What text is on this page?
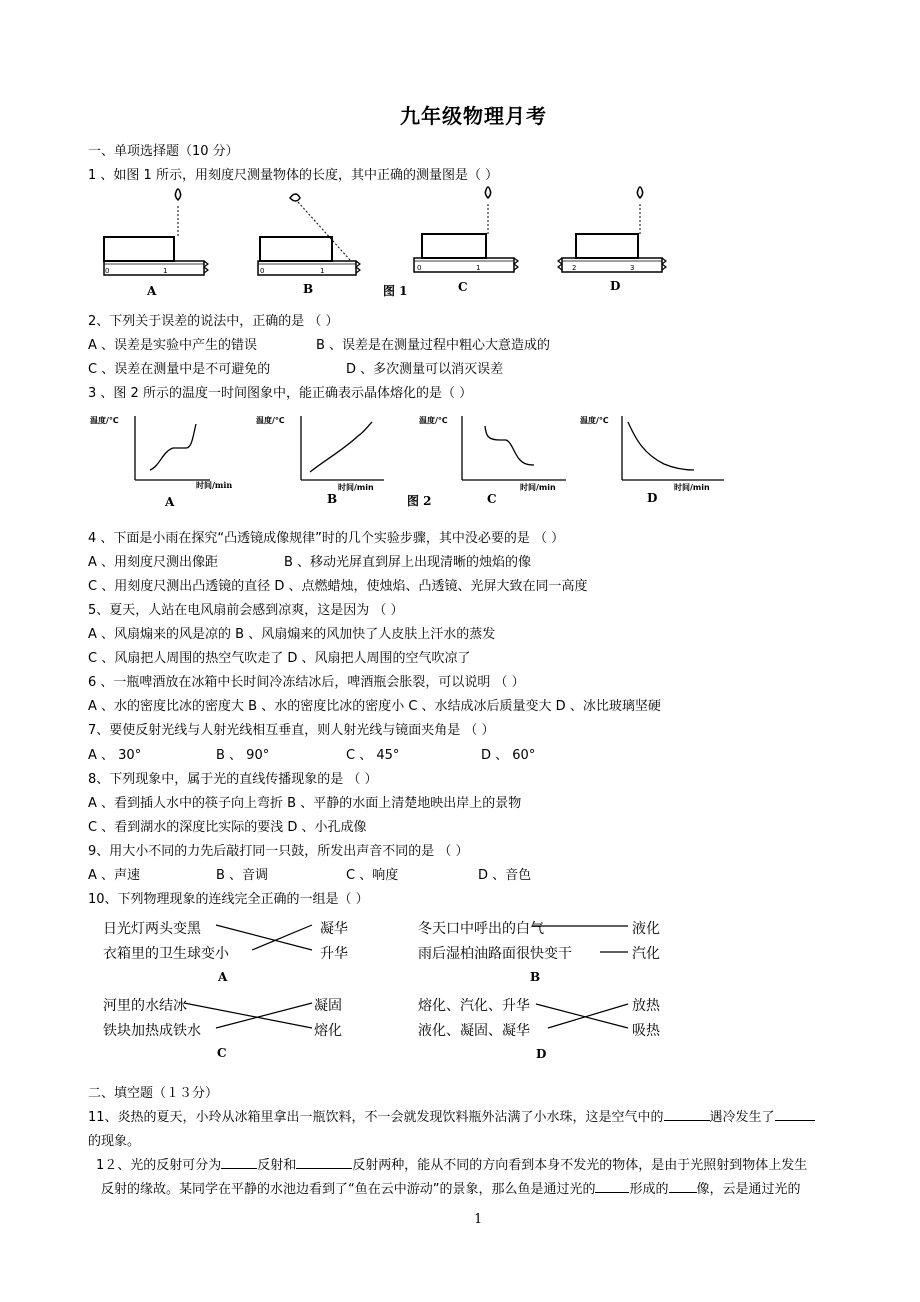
九年级物理月考
一、单项选择题（10 分）
1 、如图 1 所示，用刻度尺测量物体的长度，其中正确的测量图是（ ）
0	1	0	1	0	1	2	3
A	B	图 1	C	D
2、下列关于误差的说法中，正确的是 （ ）
A 、误差是实验中产生的错误	B 、误差是在测量过程中粗心大意造成的
C 、误差在测量中是不可避免的	D 、多次测量可以消灭误差
3 、图 2 所示的温度一时间图象中，能正确表示晶体熔化的是（ ）
温度/℃	温度/℃
时间/min
温度/℃
时间/min
温度/℃
时间/min
时间/min
A	B	图 2	C	D
4 、下面是小雨在探究“凸透镜成像规律”时的几个实验步骤，其中没必要的是 （ ）
A 、用刻度尺测出像距	B 、移动光屏直到屏上出现清晰的烛焰的像
C 、用刻度尺测出凸透镜的直径 D 、点燃蜡烛，使烛焰、凸透镜、光屏大致在同一高度
5、夏天，人站在电风扇前会感到凉爽，这是因为 （ ）
A 、风扇煽来的风是凉的 B 、风扇煽来的风加快了人皮肤上汗水的蒸发
C 、风扇把人周围的热空气吹走了 D 、风扇把人周围的空气吹凉了
6 、一瓶啤酒放在冰箱中长时间冷冻结冰后，啤酒瓶会胀裂，可以说明 （ ）
A 、水的密度比冰的密度大 B 、水的密度比冰的密度小 C 、水结成冰后质量变大 D 、冰比玻璃坚硬
7、要使反射光线与人射光线相互垂直，则人射光线与镜面夹角是 （ ）
A 、 30°	B 、 90°	C 、 45°	D 、 60°
8、下列现象中，属于光的直线传播现象的是 （ ）
A 、看到插人水中的筷子向上弯折 B 、平静的水面上清楚地映出岸上的景物
C 、看到湖水的深度比实际的要浅 D 、小孔成像
9、用大小不同的力先后敲打同一只鼓，所发出声音不同的是 （ ）
A 、声速	B 、音调	C 、响度	D 、音色
10、下列物理现象的连线完全正确的一组是（ ）
日光灯两头变黑
衣箱里的卫生球变小
凝华
升华
A
冬天口中呼出的白气
雨后湿柏油路面很快变干
液化
汽化
B
河里的水结冰
铁块加热成铁水
凝固
熔化
C
熔化、汽化、升华
液化、凝固、凝华
放热
吸热
D
二、填空题（１３分）
11、炎热的夏天，小玲从冰箱里拿出一瓶饮料，不一会就发现饮料瓶外沾满了小水珠，这是空气中的	遇冷发生了
的现象。
1２、光的反射可分为	反射和	反射两种，能从不同的方向看到本身不发光的物体，是由于光照射到物体上发生
反射的缘故。某同学在平静的水池边看到了“鱼在云中游动”的景象，那么鱼是通过光的	形成的 像，云是通过光的
1
